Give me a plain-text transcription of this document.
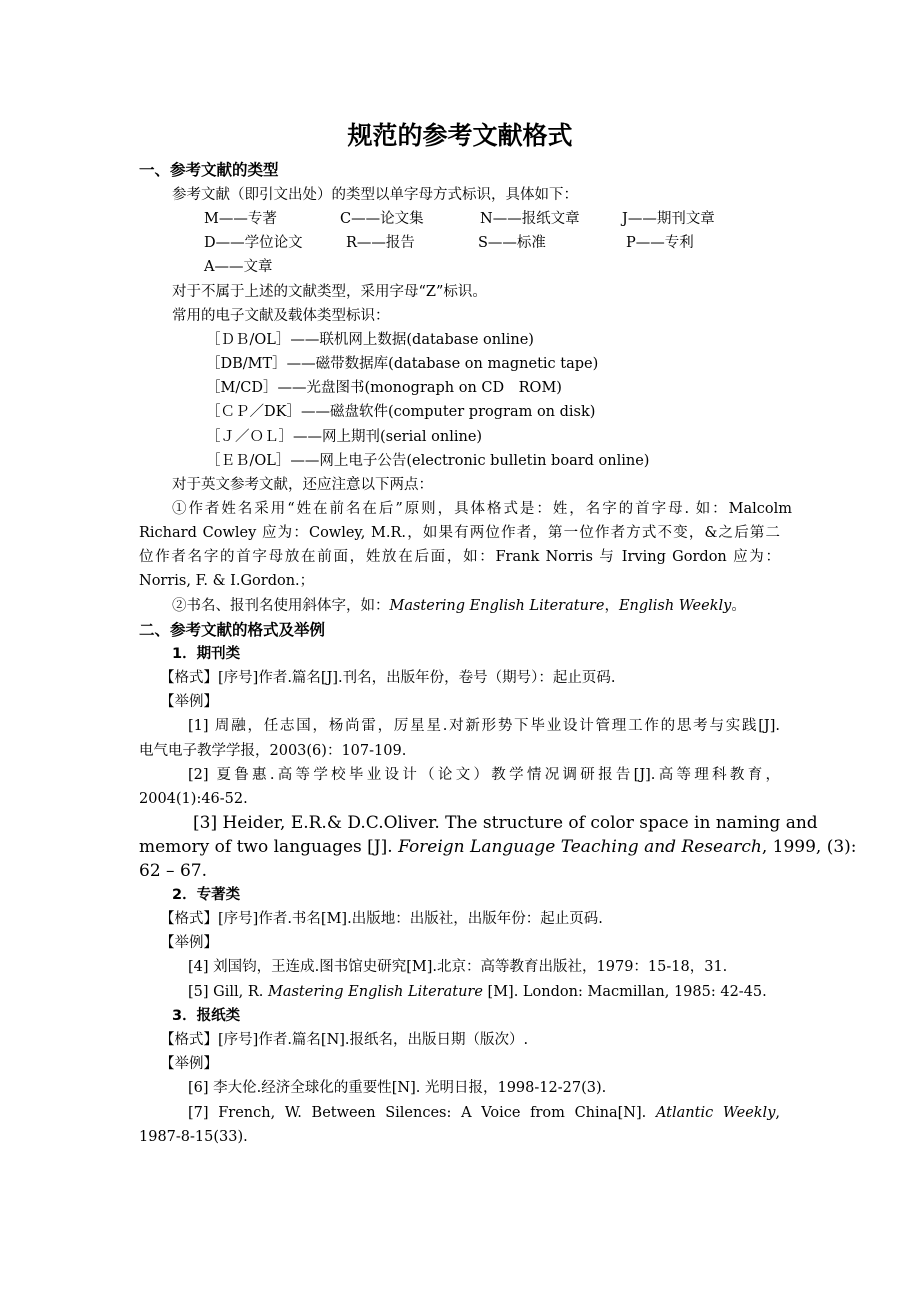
规范的参考文献格式
一、参考文献的类型
参考文献（即引文出处）的类型以单字母方式标识，具体如下：
M——专著	C——论文集	N——报纸文章	J——期刊文章
D——学位论文	R——报告	S——标准	P——专利
A——文章
对于不属于上述的文献类型，采用字母“Z”标识。
常用的电子文献及载体类型标识：
［ＤＢ/OL］——联机网上数据(database online)
［DB/MT］——磁带数据库(database on magnetic tape)
［M/CD］——光盘图书(monograph on CD　ROM)
［ＣＰ／DK］——磁盘软件(computer program on disk)
［Ｊ／ＯＬ］——网上期刊(serial online)
［ＥＢ/OL］——网上电子公告(electronic bulletin board online)
对于英文参考文献，还应注意以下两点：
①作者姓名采用“姓在前名在后”原则，具体格式是：姓，名字的首字母. 如：Malcolm
Richard Cowley 应为：Cowley, M.R.，如果有两位作者，第一位作者方式不变，&之后第二
位作者名字的首字母放在前面，姓放在后面，如：Frank Norris 与 Irving Gordon 应为：
Norris, F. & I.Gordon.；
②书名、报刊名使用斜体字，如：Mastering English Literature，English Weekly。
二、参考文献的格式及举例
1．期刊类
【格式】[序号]作者.篇名[J].刊名，出版年份，卷号（期号）：起止页码.
【举例】
[1] 周融，任志国，杨尚雷，厉星星.对新形势下毕业设计管理工作的思考与实践[J].
电气电子教学学报，2003(6)：107-109.
[2] 夏鲁惠.高等学校毕业设计（论文）教学情况调研报告[J].高等理科教育，
2004(1):46-52.
[3] Heider, E.R.& D.C.Oliver. The structure of color space in naming and
memory of two languages [J]. Foreign Language Teaching and Research, 1999, (3):
62 – 67.
2．专著类
【格式】[序号]作者.书名[M].出版地：出版社，出版年份：起止页码.
【举例】
[4] 刘国钧，王连成.图书馆史研究[M].北京：高等教育出版社，1979：15-18，31.
[5] Gill, R. Mastering English Literature [M]. London: Macmillan, 1985: 42-45.
3．报纸类
【格式】[序号]作者.篇名[N].报纸名，出版日期（版次）.
【举例】
[6] 李大伦.经济全球化的重要性[N]. 光明日报，1998-12-27(3).
[7] French, W. Between Silences: A Voice from China[N]. Atlantic Weekly,
1987-8-15(33).
